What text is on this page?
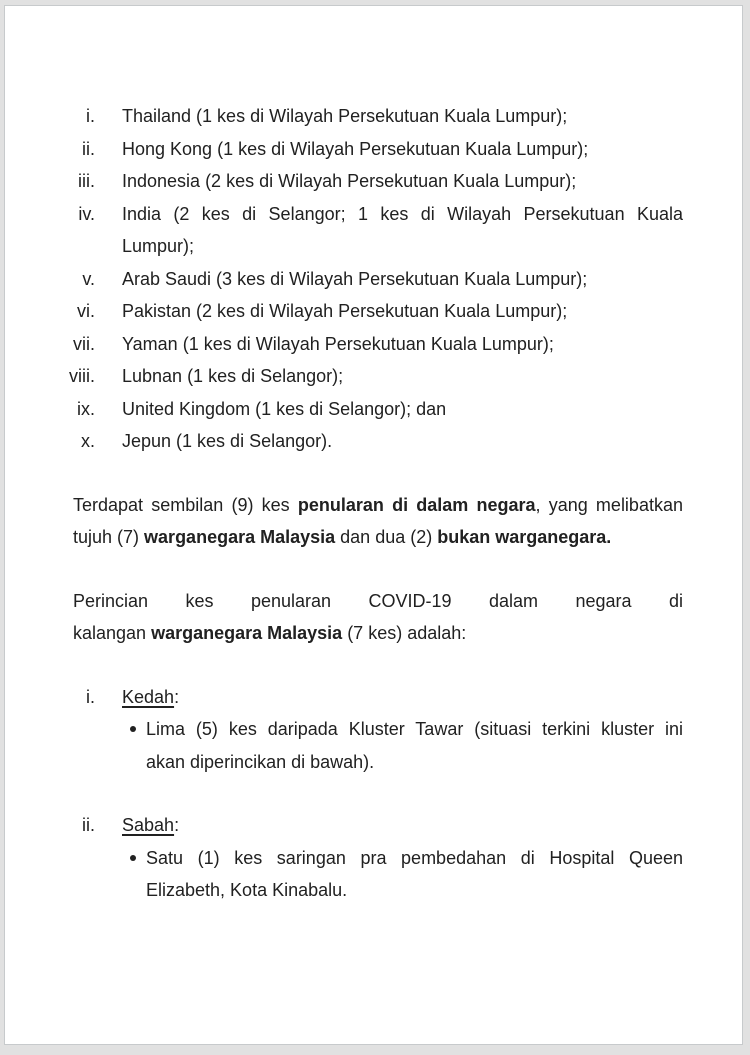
i. Thailand (1 kes di Wilayah Persekutuan Kuala Lumpur);
ii. Hong Kong (1 kes di Wilayah Persekutuan Kuala Lumpur);
iii. Indonesia (2 kes di Wilayah Persekutuan Kuala Lumpur);
iv. India (2 kes di Selangor; 1 kes di Wilayah Persekutuan Kuala
Lumpur);
v. Arab Saudi (3 kes di Wilayah Persekutuan Kuala Lumpur);
vi. Pakistan (2 kes di Wilayah Persekutuan Kuala Lumpur);
vii. Yaman (1 kes di Wilayah Persekutuan Kuala Lumpur);
viii. Lubnan (1 kes di Selangor);
ix. United Kingdom (1 kes di Selangor); dan
x. Jepun (1 kes di Selangor).
Terdapat sembilan (9) kes penularan di dalam negara, yang melibatkan
tujuh (7) warganegara Malaysia dan dua (2) bukan warganegara.
Perincian kes penularan COVID-19 dalam negara di
kalangan warganegara Malaysia (7 kes) adalah:
i. Kedah:
Lima (5) kes daripada Kluster Tawar (situasi terkini kluster ini
akan diperincikan di bawah).
ii. Sabah:
Satu (1) kes saringan pra pembedahan di Hospital Queen
Elizabeth, Kota Kinabalu.
